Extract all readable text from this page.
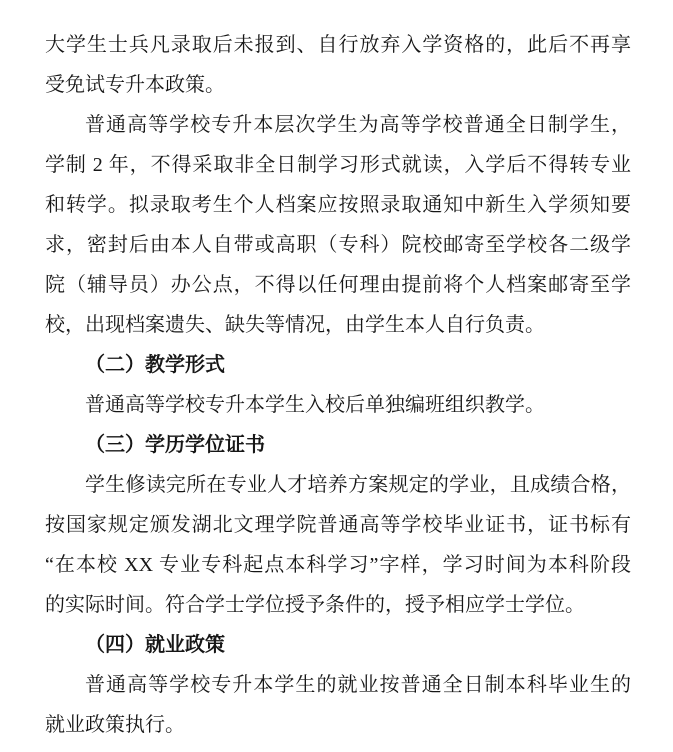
大学生士兵凡录取后未报到、自行放弃入学资格的，此后不再享
受免试专升本政策。
普通高等学校专升本层次学生为高等学校普通全日制学生，
学制 2 年，不得采取非全日制学习形式就读，入学后不得转专业
和转学。拟录取考生个人档案应按照录取通知中新生入学须知要
求，密封后由本人自带或高职（专科）院校邮寄至学校各二级学
院（辅导员）办公点，不得以任何理由提前将个人档案邮寄至学
校，出现档案遗失、缺失等情况，由学生本人自行负责。
（二）教学形式
普通高等学校专升本学生入校后单独编班组织教学。
（三）学历学位证书
学生修读完所在专业人才培养方案规定的学业，且成绩合格，
按国家规定颁发湖北文理学院普通高等学校毕业证书，证书标有
“在本校 XX 专业专科起点本科学习”字样，学习时间为本科阶段
的实际时间。符合学士学位授予条件的，授予相应学士学位。
（四）就业政策
普通高等学校专升本学生的就业按普通全日制本科毕业生的
就业政策执行。
